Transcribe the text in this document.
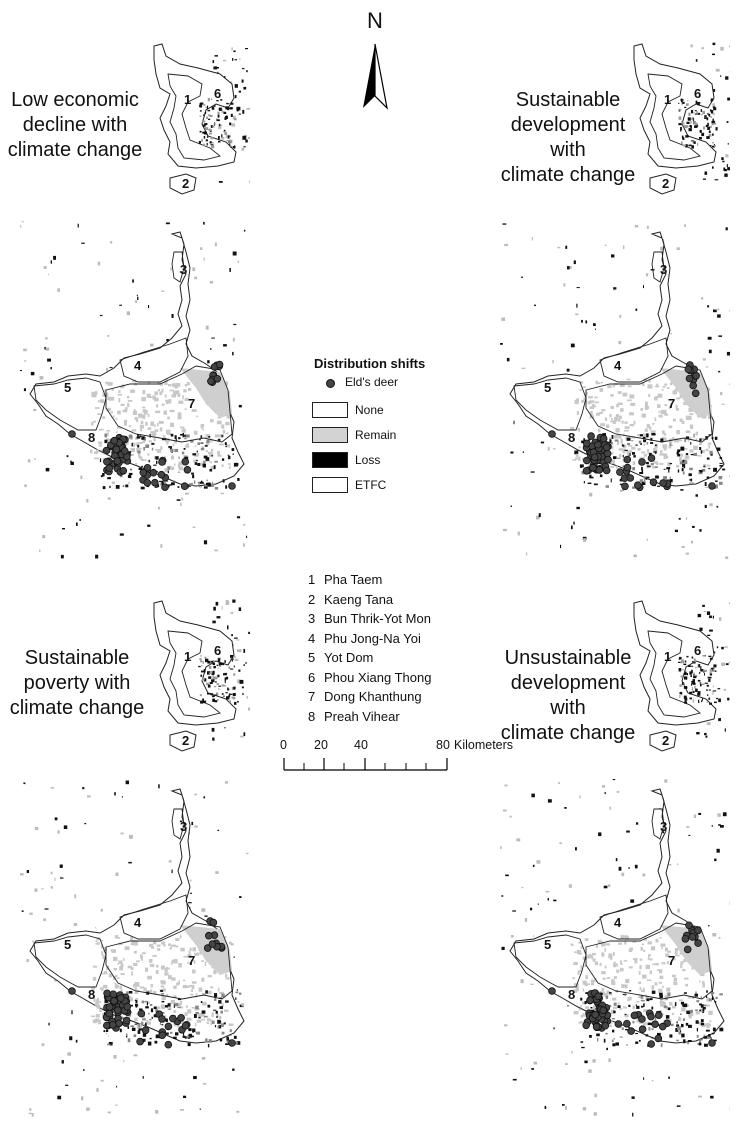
N
Low economic
decline with
climate change
Sustainable
development with
climate change
Sustainable
poverty with
climate change
Unsustainable
development with
climate change
1
2
3
4
5
6
7
8
1
2
3
4
5
6
7
8
1
2
3
4
5
6
7
8
1
2
3
4
5
6
7
8
Distribution shifts
Eld's deer
None
Remain
Loss
ETFC
1 Pha Taem
2 Kaeng Tana
3 Bun Thrik-Yot Mon
4 Phu Jong-Na Yoi
5 Yot Dom
6 Phou Xiang Thong
7 Dong Khanthung
8 Preah Vihear
0 20 40	80 Kilometers
